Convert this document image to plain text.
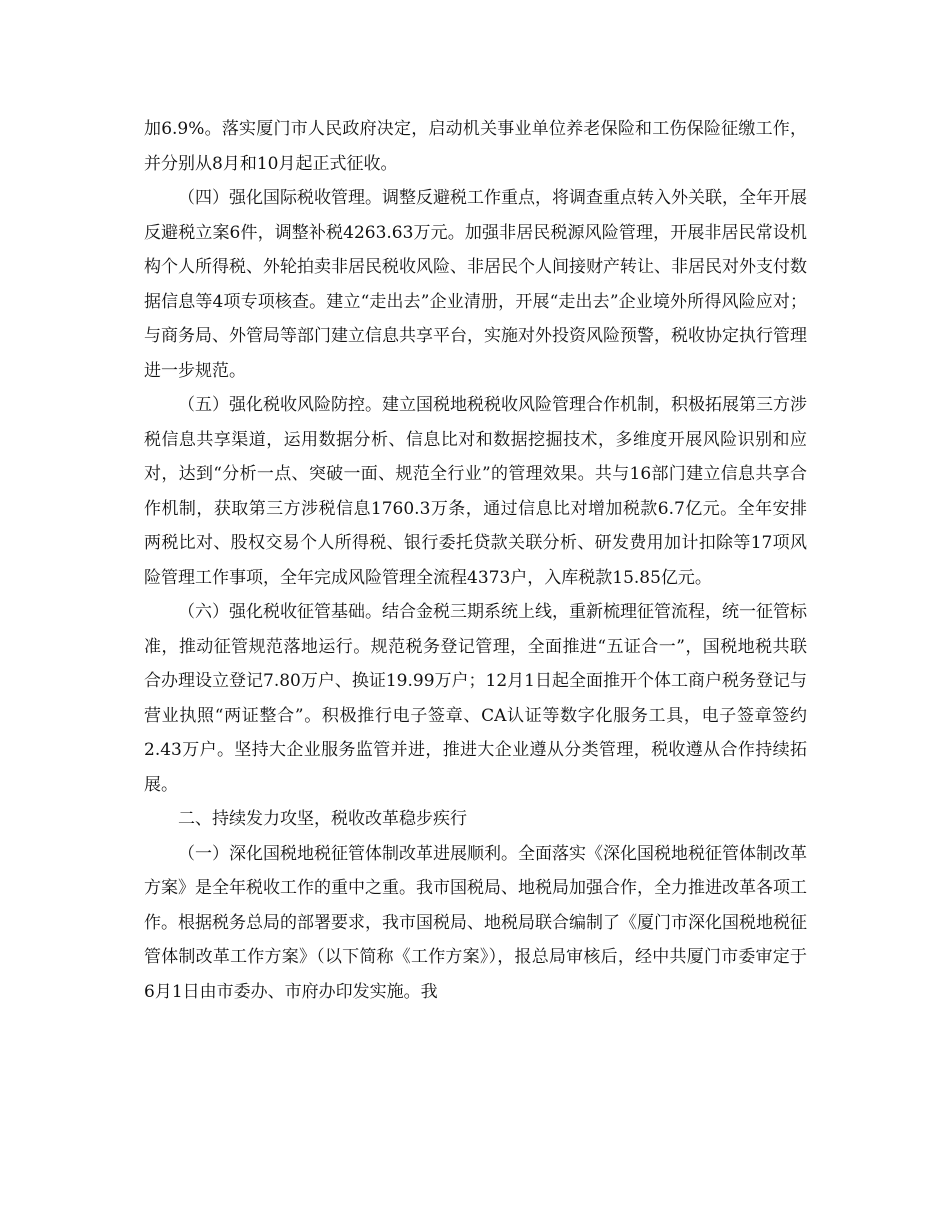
加6.9%。落实厦门市人民政府决定，启动机关事业单位养老保险和工伤保险征缴工作，并分别从8月和10月起正式征收。

（四）强化国际税收管理。调整反避税工作重点，将调查重点转入外关联，全年开展反避税立案6件，调整补税4263.63万元。加强非居民税源风险管理，开展非居民常设机构个人所得税、外轮拍卖非居民税收风险、非居民个人间接财产转让、非居民对外支付数据信息等4项专项核查。建立“走出去”企业清册，开展“走出去”企业境外所得风险应对；与商务局、外管局等部门建立信息共享平台，实施对外投资风险预警，税收协定执行管理进一步规范。

（五）强化税收风险防控。建立国税地税税收风险管理合作机制，积极拓展第三方涉税信息共享渠道，运用数据分析、信息比对和数据挖掘技术，多维度开展风险识别和应对，达到“分析一点、突破一面、规范全行业”的管理效果。共与16部门建立信息共享合作机制，获取第三方涉税信息1760.3万条，通过信息比对增加税款6.7亿元。全年安排两税比对、股权交易个人所得税、银行委托贷款关联分析、研发费用加计扣除等17项风险管理工作事项，全年完成风险管理全流程4373户，入库税款15.85亿元。

（六）强化税收征管基础。结合金税三期系统上线，重新梳理征管流程，统一征管标准，推动征管规范落地运行。规范税务登记管理，全面推进“五证合一”，国税地税共联合办理设立登记7.80万户、换证19.99万户；12月1日起全面推开个体工商户税务登记与营业执照“两证整合”。积极推行电子签章、CA认证等数字化服务工具，电子签章签约2.43万户。坚持大企业服务监管并进，推进大企业遵从分类管理，税收遵从合作持续拓展。

二、持续发力攻坚，税收改革稳步疾行

（一）深化国税地税征管体制改革进展顺利。全面落实《深化国税地税征管体制改革方案》是全年税收工作的重中之重。我市国税局、地税局加强合作，全力推进改革各项工作。根据税务总局的部署要求，我市国税局、地税局联合编制了《厦门市深化国税地税征管体制改革工作方案》（以下简称《工作方案》），报总局审核后，经中共厦门市委审定于6月1日由市委办、市府办印发实施。我
